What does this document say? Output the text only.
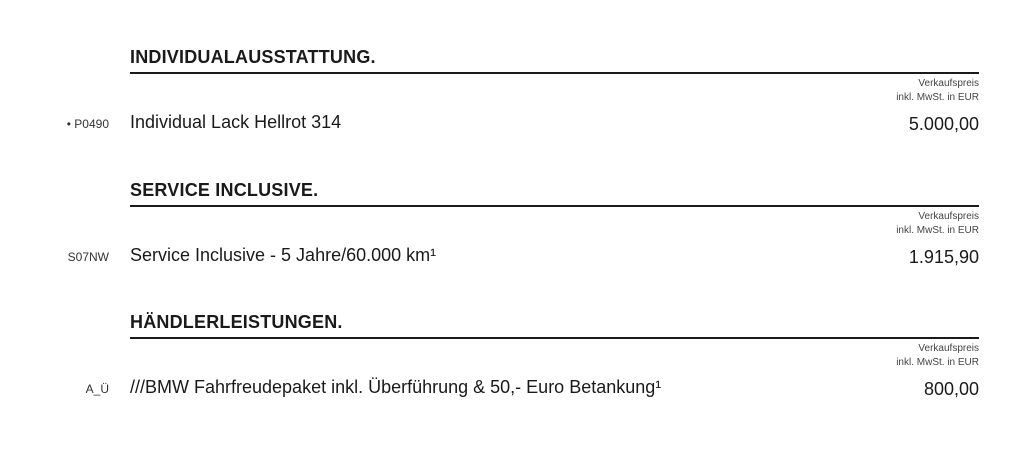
INDIVIDUALAUSSTATTUNG.
Verkaufspreis
inkl. MwSt. in EUR
• P0490 Individual Lack Hellrot 314	5.000,00
SERVICE INCLUSIVE.
Verkaufspreis
inkl. MwSt. in EUR
S07NW Service Inclusive - 5 Jahre/60.000 km¹	1.915,90
HÄNDLERLEISTUNGEN.
Verkaufspreis
inkl. MwSt. in EUR
A_Ü ///BMW Fahrfreudepaket inkl. Überführung & 50,- Euro Betankung¹	800,00
